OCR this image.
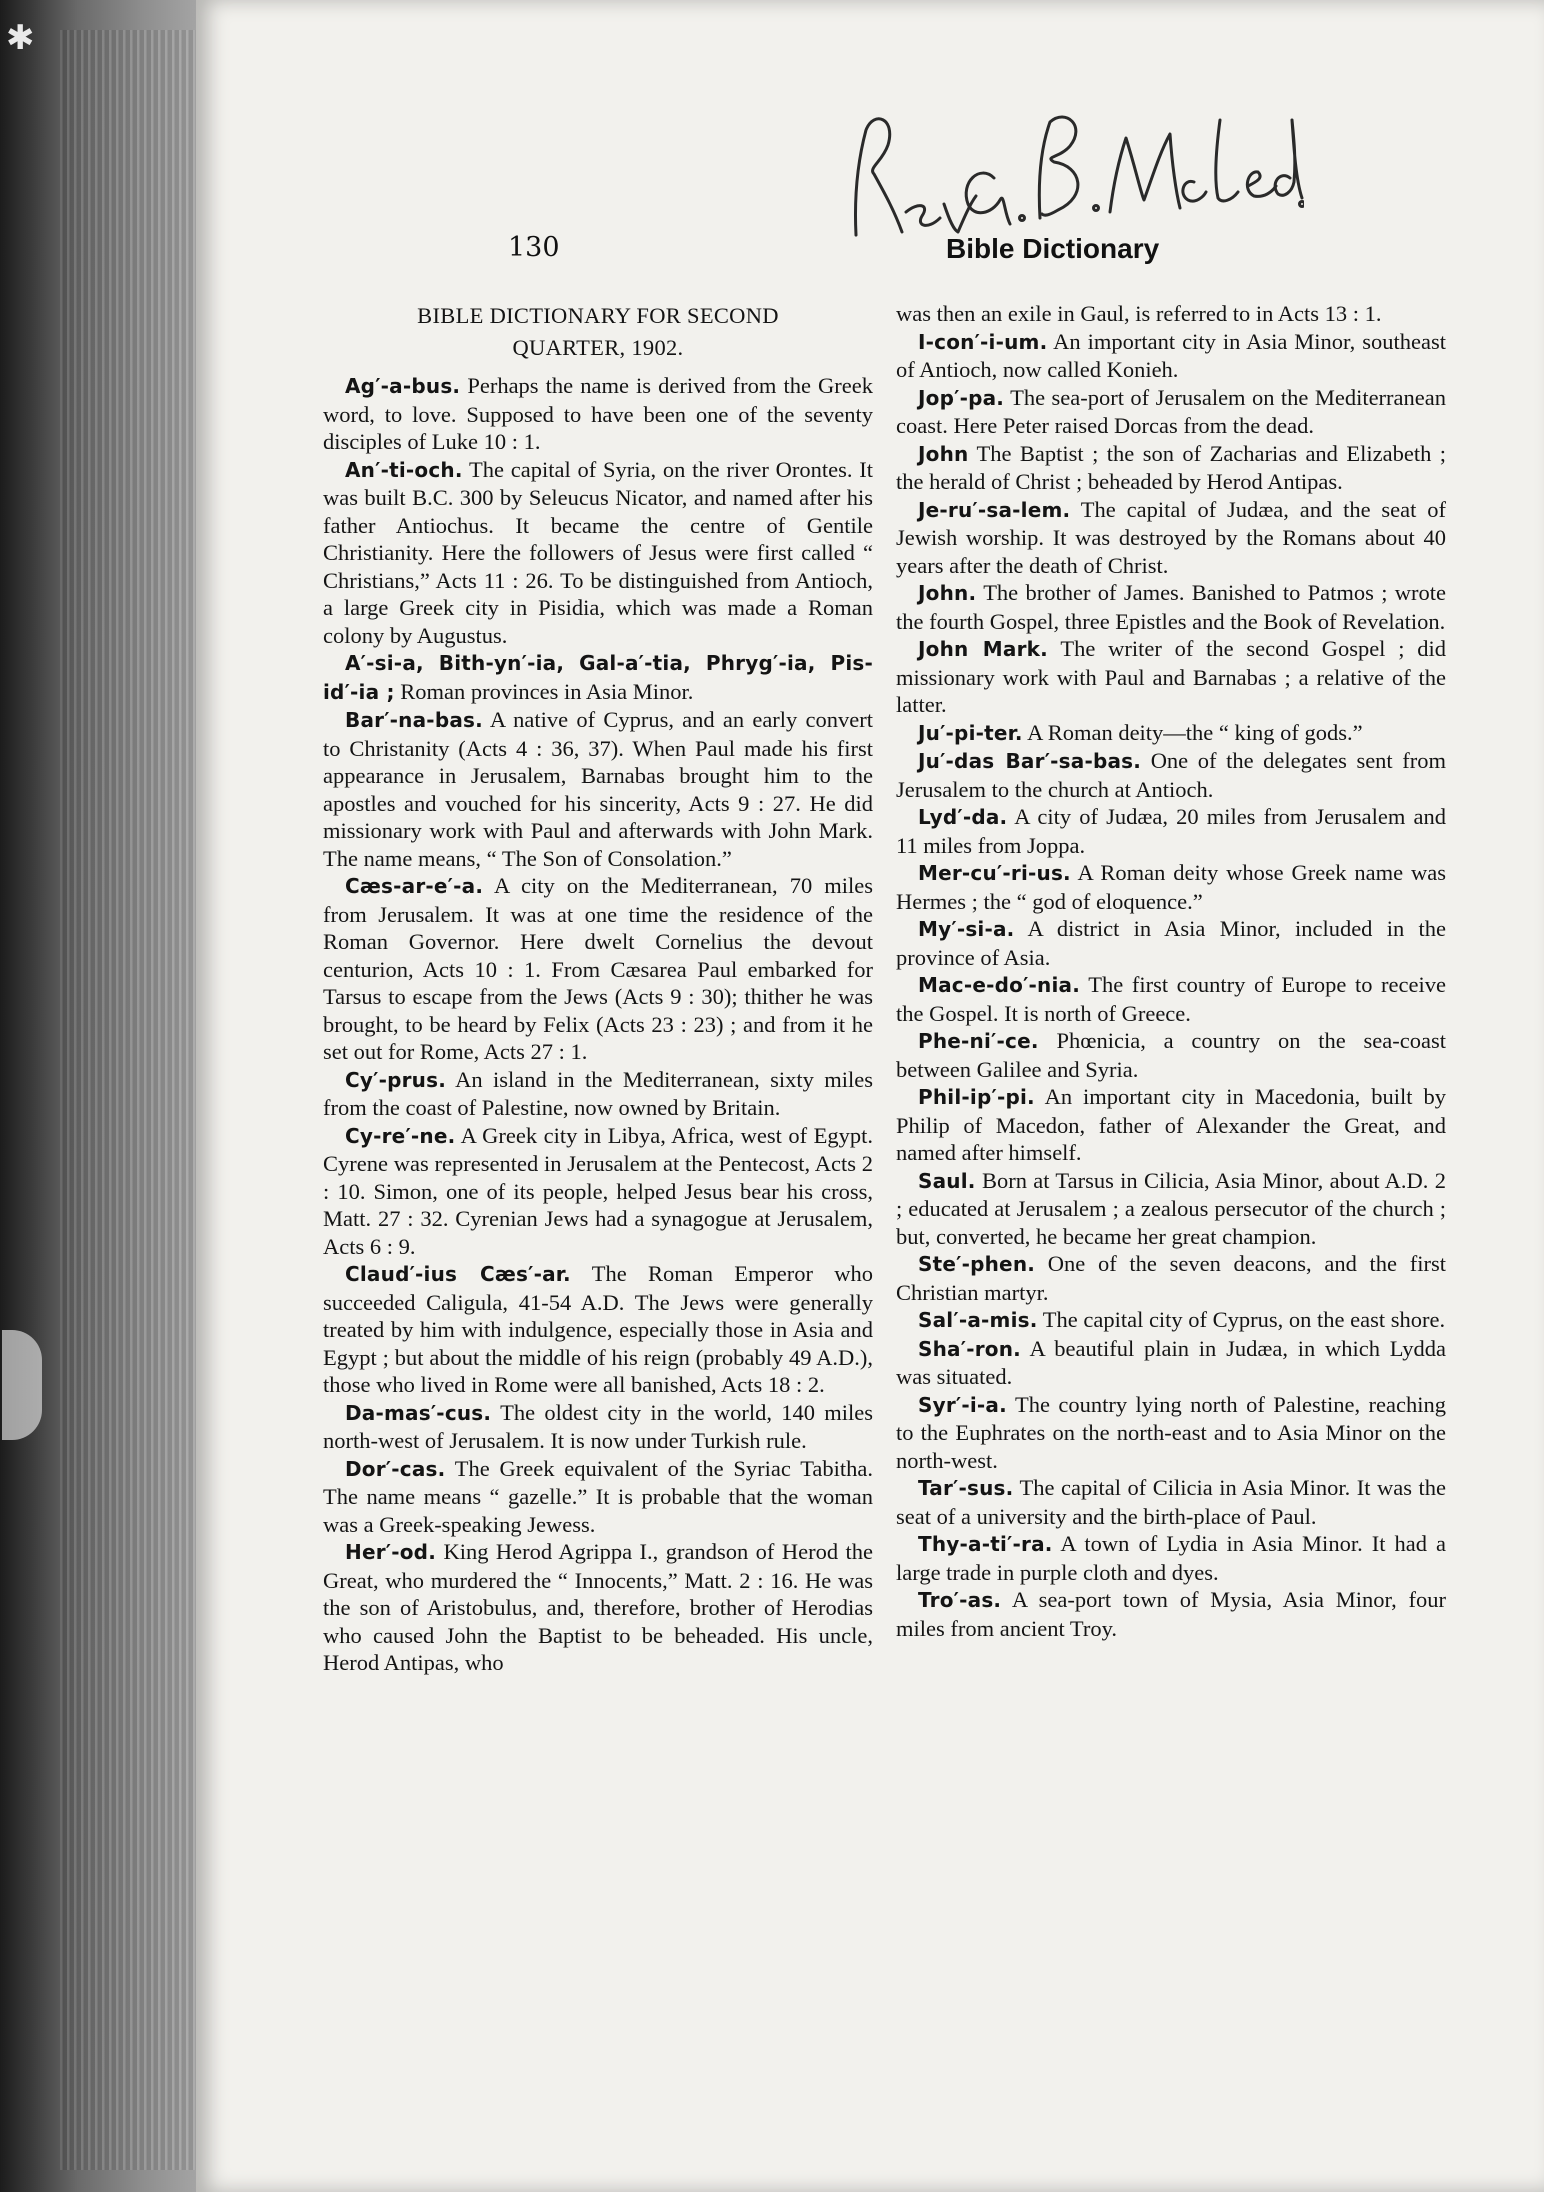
✱
130	Bible Dictionary
BIBLE DICTIONARY FOR SECOND
QUARTER, 1902.

Ag′-a-bus. Perhaps the name is derived from the Greek word, to love. Supposed to have been one of the seventy disciples of Luke 10 : 1.

An′-ti-och. The capital of Syria, on the river Orontes. It was built B.C. 300 by Seleucus Nicator, and named after his father Antiochus. It became the centre of Gentile Christianity. Here the followers of Jesus were first called “ Christians,” Acts 11 : 26. To be distinguished from Antioch, a large Greek city in Pisidia, which was made a Roman colony by Augustus.

A′-si-a, Bith-yn′-ia, Gal-a′-tia, Phryg′-ia, Pis-id′-ia ; Roman provinces in Asia Minor.

Bar′-na-bas. A native of Cyprus, and an early convert to Christanity (Acts 4 : 36, 37). When Paul made his first appearance in Jerusalem, Barnabas brought him to the apostles and vouched for his sincerity, Acts 9 : 27. He did missionary work with Paul and afterwards with John Mark. The name means, “ The Son of Consolation.”

Cæs-ar-e′-a. A city on the Mediterranean, 70 miles from Jerusalem. It was at one time the residence of the Roman Governor. Here dwelt Cornelius the devout centurion, Acts 10 : 1. From Cæsarea Paul embarked for Tarsus to escape from the Jews (Acts 9 : 30); thither he was brought, to be heard by Felix (Acts 23 : 23) ; and from it he set out for Rome, Acts 27 : 1.

Cy′-prus. An island in the Mediterranean, sixty miles from the coast of Palestine, now owned by Britain.

Cy-re′-ne. A Greek city in Libya, Africa, west of Egypt. Cyrene was represented in Jerusalem at the Pentecost, Acts 2 : 10. Simon, one of its people, helped Jesus bear his cross, Matt. 27 : 32. Cyrenian Jews had a synagogue at Jerusalem, Acts 6 : 9.

Claud′-ius Cæs′-ar. The Roman Emperor who succeeded Caligula, 41-54 A.D. The Jews were generally treated by him with indulgence, especially those in Asia and Egypt ; but about the middle of his reign (probably 49 A.D.), those who lived in Rome were all banished, Acts 18 : 2.

Da-mas′-cus. The oldest city in the world, 140 miles north-west of Jerusalem. It is now under Turkish rule.

Dor′-cas. The Greek equivalent of the Syriac Tabitha. The name means “ gazelle.” It is probable that the woman was a Greek-speaking Jewess.

Her′-od. King Herod Agrippa I., grandson of Herod the Great, who murdered the “ Innocents,” Matt. 2 : 16. He was the son of Aristobulus, and, therefore, brother of Herodias who caused John the Baptist to be beheaded. His uncle, Herod Antipas, who

was then an exile in Gaul, is referred to in Acts 13 : 1.

I-con′-i-um. An important city in Asia Minor, southeast of Antioch, now called Konieh.

Jop′-pa. The sea-port of Jerusalem on the Mediterranean coast. Here Peter raised Dorcas from the dead.

John The Baptist ; the son of Zacharias and Elizabeth ; the herald of Christ ; beheaded by Herod Antipas.

Je-ru′-sa-lem. The capital of Judæa, and the seat of Jewish worship. It was destroyed by the Romans about 40 years after the death of Christ.

John. The brother of James. Banished to Patmos ; wrote the fourth Gospel, three Epistles and the Book of Revelation.

John Mark. The writer of the second Gospel ; did missionary work with Paul and Barnabas ; a relative of the latter.

Ju′-pi-ter. A Roman deity—the “ king of gods.”

Ju′-das Bar′-sa-bas. One of the delegates sent from Jerusalem to the church at Antioch.

Lyd′-da. A city of Judæa, 20 miles from Jerusalem and 11 miles from Joppa.

Mer-cu′-ri-us. A Roman deity whose Greek name was Hermes ; the “ god of eloquence.”

My′-si-a. A district in Asia Minor, included in the province of Asia.

Mac-e-do′-nia. The first country of Europe to receive the Gospel. It is north of Greece.

Phe-ni′-ce. Phœnicia, a country on the sea-coast between Galilee and Syria.

Phil-ip′-pi. An important city in Macedonia, built by Philip of Macedon, father of Alexander the Great, and named after himself.

Saul. Born at Tarsus in Cilicia, Asia Minor, about A.D. 2 ; educated at Jerusalem ; a zealous persecutor of the church ; but, converted, he became her great champion.

Ste′-phen. One of the seven deacons, and the first Christian martyr.

Sal′-a-mis. The capital city of Cyprus, on the east shore.

Sha′-ron. A beautiful plain in Judæa, in which Lydda was situated.

Syr′-i-a. The country lying north of Palestine, reaching to the Euphrates on the north-east and to Asia Minor on the north-west.

Tar′-sus. The capital of Cilicia in Asia Minor. It was the seat of a university and the birth-place of Paul.

Thy-a-ti′-ra. A town of Lydia in Asia Minor. It had a large trade in purple cloth and dyes.

Tro′-as. A sea-port town of Mysia, Asia Minor, four miles from ancient Troy.
